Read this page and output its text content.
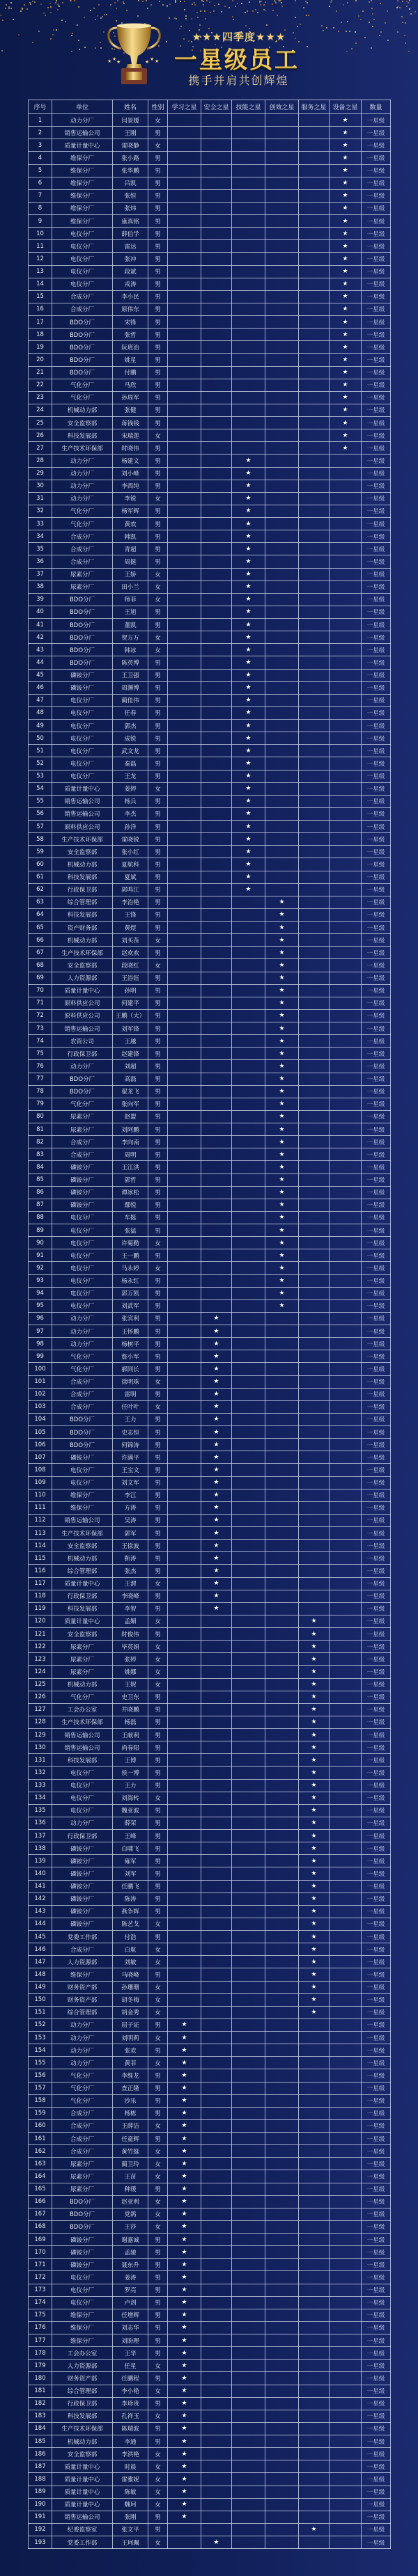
★ ★ ★	★ ★ ★
★★★四季度★★★
一星级员工
携手并肩共创辉煌
序号	单位	姓名	性别	学习之星	安全之星	技能之星	创效之星	服务之星	设备之星	数量
1	动力分厂	闫景媛	女						★	一星级
2	销售运输公司	王刚	男						★	一星级
3	质量计量中心	雷晓静	女						★	一星级
4	维保分厂	张小路	男						★	一星级
5	维保分厂	张华鹏	男						★	一星级
6	维保分厂	吕凯	男						★	一星级
7	维保分厂	张恒	男						★	一星级
8	维保分厂	张炜	男						★	一星级
9	维保分厂	康真铭	男						★	一星级
10	电仪分厂	薛伯学	男						★	一星级
11	电仪分厂	雷达	男						★	一星级
12	电仪分厂	张冲	男						★	一星级
13	电仪分厂	段斌	男						★	一星级
14	电仪分厂	戎涛	男						★	一星级
15	合成分厂	李小民	男						★	一星级
16	合成分厂	原伟东	男						★	一星级
17	BDO分厂	宋锋	男						★	一星级
18	BDO分厂	张哲	男						★	一星级
19	BDO分厂	阮班治	男						★	一星级
20	BDO分厂	姚星	男						★	一星级
21	BDO分厂	付鹏	男						★	一星级
22	气化分厂	马欣	男						★	一星级
23	气化分厂	孙周军	男						★	一星级
24	机械动力部	张健	男						★	一星级
25	安全监察部	蒋钱钱	男						★	一星级
26	科技发展部	宋瑞莲	女						★	一星级
27	生产技术环保部	时晓伟	男						★	一星级
28	动力分厂	杨建文	男			★				一星级
29	动力分厂	刘小峰	男			★				一星级
30	动力分厂	李西纯	男			★				一星级
31	动力分厂	李锐	女			★				一星级
32	气化分厂	杨军辉	男			★				一星级
33	气化分厂	黄欢	男			★				一星级
34	合成分厂	韩凯	男			★				一星级
35	合成分厂	青超	男			★				一星级
36	合成分厂	周挺	男			★				一星级
37	尿素分厂	王娇	女			★				一星级
38	尿素分厂	田小兰	女			★				一星级
39	BDO分厂	师菲	女			★				一星级
40	BDO分厂	王旭	男			★				一星级
41	BDO分厂	董凯	男			★				一星级
42	BDO分厂	贺万万	女			★				一星级
43	BDO分厂	韩冰	女			★				一星级
44	BDO分厂	陈英博	男			★				一星级
45	磷铵分厂	王卫强	男			★				一星级
46	磷铵分厂	周渊博	男			★				一星级
47	电仪分厂	蔺佳伟	男			★				一星级
48	电仪分厂	任春	男			★				一星级
49	电仪分厂	郭杰	男			★				一星级
50	电仪分厂	成锐	男			★				一星级
51	电仪分厂	武文龙	男			★				一星级
52	电仪分厂	秦磊	男			★				一星级
53	电仪分厂	王龙	男			★				一星级
54	质量计量中心	姜婷	女			★				一星级
55	销售运输公司	杨兵	男			★				一星级
56	销售运输公司	李杰	男			★				一星级
57	原料供应公司	孙洋	男			★				一星级
58	生产技术环保部	雷晓锐	男			★				一星级
59	安全监察部	张小红	男			★				一星级
60	机械动力部	夏航科	男			★				一星级
61	科技发展部	夏斌	男			★				一星级
62	行政保卫部	郭鸣江	男			★				一星级
63	综合管理部	李治艳	男				★			一星级
64	科技发展部	王锋	男				★			一星级
65	资产财务部	黄煜	男				★			一星级
66	机械动力部	刘买苗	女				★			一星级
67	生产技术环保部	赵欢欢	男				★			一星级
68	安全监察部	段晓红	女				★			一星级
69	人力资源部	王浴钰	男				★			一星级
70	质量计量中心	孙明	男				★			一星级
71	原料供应公司	何建平	男				★			一星级
72	原料供应公司	王鹏（大）	男				★			一星级
73	销售运输公司	刘军锋	男				★			一星级
74	农资公司	王越	男				★			一星级
75	行政保卫部	赵建锋	男				★			一星级
76	动力分厂	刘超	男				★			一星级
77	BDO分厂	高磊	男				★			一星级
78	BDO分厂	翟龙飞	男				★			一星级
79	气化分厂	张向军	男				★			一星级
80	尿素分厂	赵盟	男				★			一星级
81	尿素分厂	刘阿鹏	男				★			一星级
82	合成分厂	李向南	男				★			一星级
83	合成分厂	周明	男				★			一星级
84	磷铵分厂	王江洪	男				★			一星级
85	磷铵分厂	郭哲	男				★			一星级
86	磷铵分厂	谭冰松	男				★			一星级
87	磷铵分厂	鄢悦	男				★			一星级
88	电仪分厂	车挺	男				★			一星级
89	电仪分厂	张猛	男				★			一星级
90	电仪分厂	许菊勤	女				★			一星级
91	电仪分厂	王一鹏	男				★			一星级
92	电仪分厂	马永婷	女				★			一星级
93	电仪分厂	杨永红	男				★			一星级
94	电仪分厂	郭万凯	男				★			一星级
95	电仪分厂	刘武军	男				★			一星级
96	动力分厂	张宾利	男		★					一星级
97	动力分厂	王怀鹏	男		★					一星级
98	动力分厂	杨树平	男		★					一星级
99	气化分厂	詹小军	男		★					一星级
100	气化分厂	郝同长	男		★					一星级
101	合成分厂	徐明珠	女		★					一星级
102	合成分厂	雷明	男		★					一星级
103	合成分厂	任叶叶	女		★					一星级
104	BDO分厂	王力	男		★					一星级
105	BDO分厂	史志恒	男		★					一星级
106	BDO分厂	何锦涛	男		★					一星级
107	磷铵分厂	许满平	男		★					一星级
108	电仪分厂	王宝文	男		★					一星级
109	电仪分厂	刘文军	男		★					一星级
110	维保分厂	李江	男		★					一星级
111	维保分厂	方涛	男		★					一星级
112	销售运输公司	吴涛	男		★					一星级
113	生产技术环保部	郭军	男		★					一星级
114	安全监察部	王徐波	男		★					一星级
115	机械动力部	靳涛	男		★					一星级
116	综合管理部	张杰	男		★					一星级
117	质量计量中心	王渭	女		★					一星级
118	行政保卫部	李晓峰	男		★					一星级
119	科技发展部	李智	男		★					一星级
120	质量计量中心	孟媚	女					★		一星级
121	安全监察部	时俊伟	男					★		一星级
122	尿素分厂	毕英娟	女					★		一星级
123	尿素分厂	张婷	女					★		一星级
124	尿素分厂	姚娜	女					★		一星级
125	机械动力部	王妮	女					★		一星级
126	气化分厂	史卫东	男					★		一星级
127	工会办公室	井晓鹏	男					★		一星级
128	生产技术环保部	杨磊	男					★		一星级
129	销售运输公司	王献利	男					★		一星级
130	销售运输公司	尚春阳	男					★		一星级
131	科技发展部	王博	男					★		一星级
132	电仪分厂	侯一博	男					★		一星级
133	电仪分厂	王力	男					★		一星级
134	电仪分厂	刘海转	女					★		一星级
135	电仪分厂	魏亚波	男					★		一星级
136	动力分厂	薛荣	男					★		一星级
137	行政保卫部	王峰	男					★		一星级
138	磷铵分厂	白啸飞	男					★		一星级
139	磷铵分厂	雍军	男					★		一星级
140	磷铵分厂	刘军	男					★		一星级
141	磷铵分厂	任鹏飞	男					★		一星级
142	磷铵分厂	陈涛	男					★		一星级
143	磷铵分厂	燕争辉	男					★		一星级
144	磷铵分厂	陈艺戈	女					★		一星级
145	党委工作部	付浩	男					★		一星级
146	合成分厂	白航	女					★		一星级
147	人力资源部	刘敏	女					★		一星级
148	维保分厂	马晓峰	男					★		一星级
149	财务资产部	孙珊珊	女					★		一星级
150	财务资产部	胡冬梅	女					★		一星级
151	综合管理部	胡金秀	女					★		一星级
152	动力分厂	屈子证	男	★						一星级
153	动力分厂	刘明莉	女	★						一星级
154	动力分厂	张欢	男	★						一星级
155	动力分厂	黄菲	女	★						一星级
156	气化分厂	李维龙	男	★						一星级
157	气化分厂	查正隆	男	★						一星级
158	气化分厂	沙乐	男	★						一星级
159	合成分厂	杨栋	男	★						一星级
160	合成分厂	王薛洁	女	★						一星级
161	合成分厂	任童辉	男	★						一星级
162	合成分厂	黄竹挺	女	★						一星级
163	尿素分厂	蔺卫玲	女	★						一星级
164	尿素分厂	王苗	女	★						一星级
165	尿素分厂	种瑗	男	★						一星级
166	BDO分厂	赵亚利	女	★						一星级
167	BDO分厂	党鸽	女	★						一星级
168	BDO分厂	王莎	女	★						一星级
169	磷铵分厂	谢嘉诚	男	★						一星级
170	磷铵分厂	孟驰	男	★						一星级
171	磷铵分厂	聂东升	男	★						一星级
172	电仪分厂	姜涛	男	★						一星级
173	电仪分厂	罗亮	男	★						一星级
174	电仪分厂	卢剑	男	★						一星级
175	维保分厂	任增辉	男	★						一星级
176	维保分厂	刘志华	男	★						一星级
177	维保分厂	刘盼理	男	★						一星级
178	工会办公室	王华	男	★						一星级
179	人力资源部	任星	女	★						一星级
180	财务资产部	任鹏程	男	★						一星级
181	综合管理部	李小艳	女	★						一星级
182	行政保卫部	李珍贵	男	★						一星级
183	科技发展部	孔祥玉	女	★						一星级
184	生产技术环保部	陈瑞波	男	★						一星级
185	机械动力部	李通	男	★						一星级
186	安全监察部	李洪艳	女	★						一星级
187	质量计量中心	时晨	女	★						一星级
188	质量计量中心	雷雅妮	女	★						一星级
189	质量计量中心	陈敏	女	★						一星级
190	质量计量中心	魏珂	女	★						一星级
191	销售运输公司	张刚	男	★						一星级
192	纪委监察室	张文平	男					★		一星级
193	党委工作部	王珂珮	女		★					一星级
